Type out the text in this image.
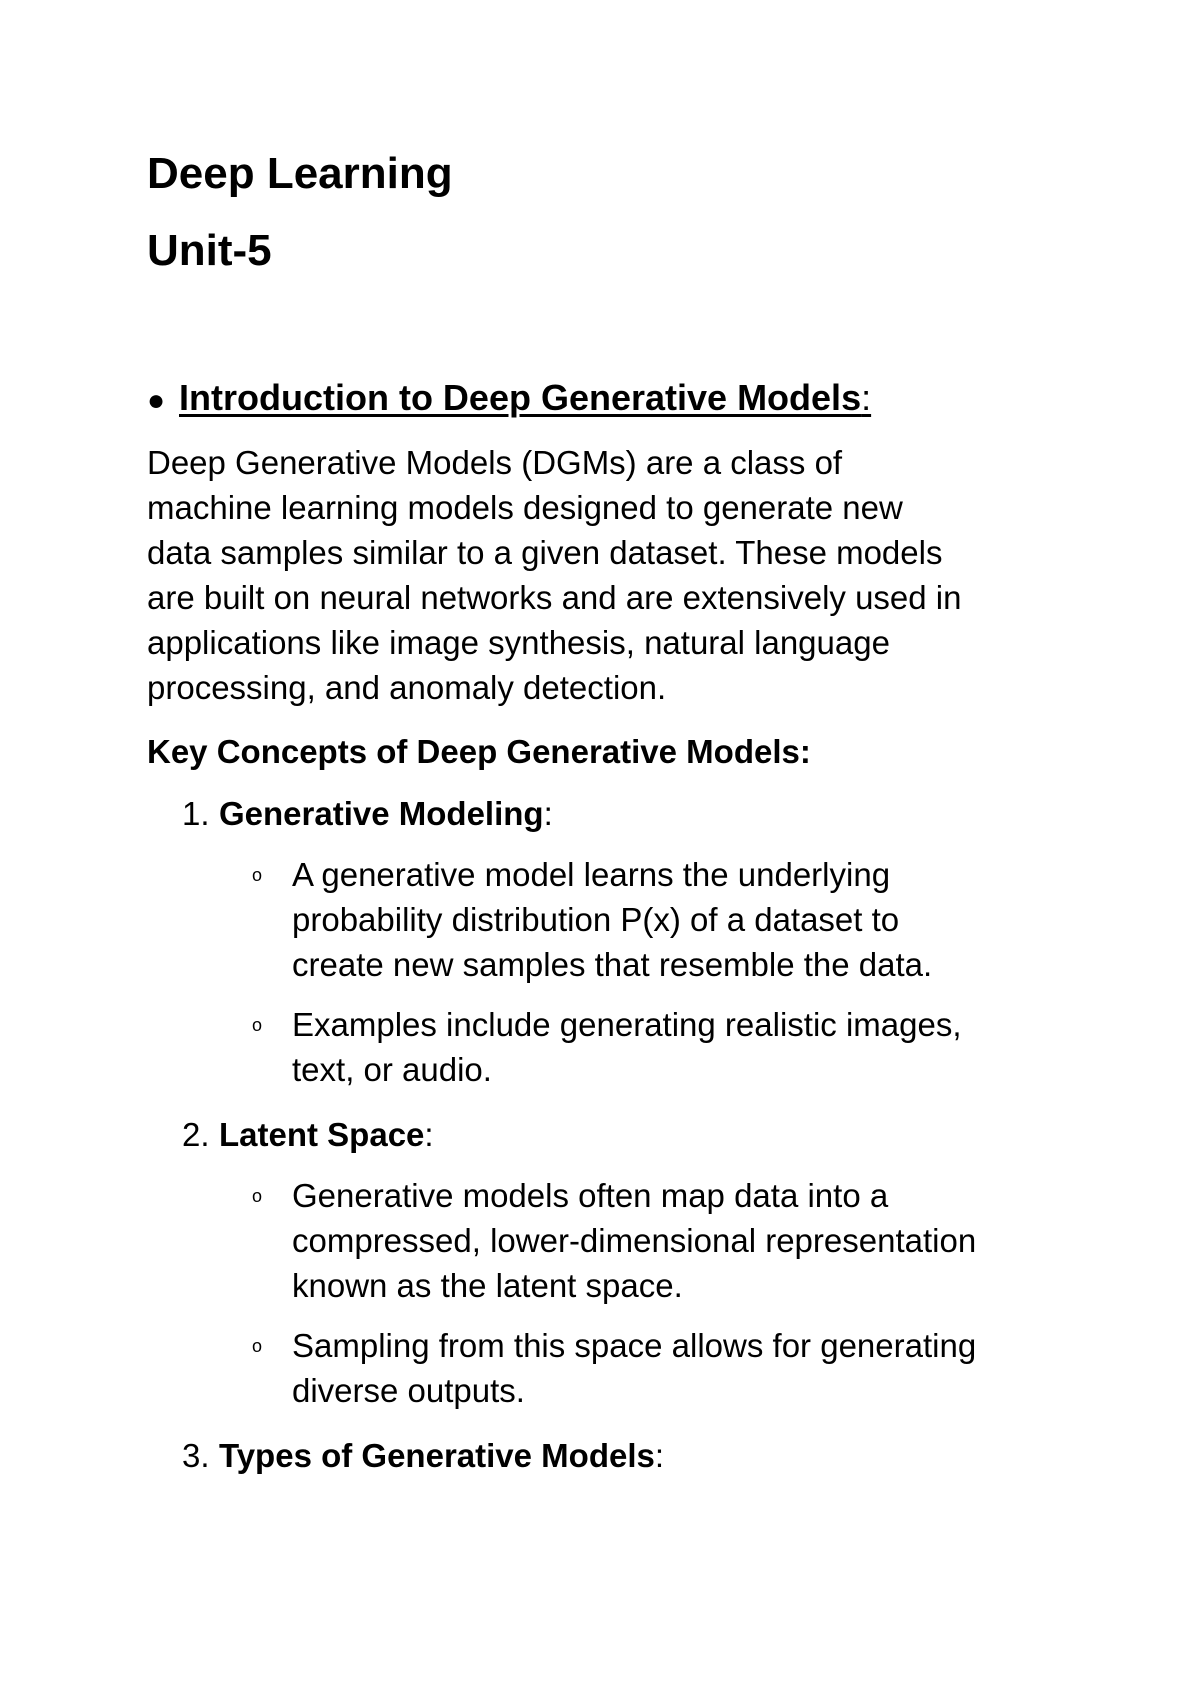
Deep Learning
Unit-5
● Introduction to Deep Generative Models:

Deep Generative Models (DGMs) are a class of
machine learning models designed to generate new
data samples similar to a given dataset. These models
are built on neural networks and are extensively used in
applications like image synthesis, natural language
processing, and anomaly detection.

Key Concepts of Deep Generative Models:
1. Generative Modeling:
o A generative model learns the underlying
probability distribution P(x) of a dataset to
create new samples that resemble the data.
o Examples include generating realistic images,
text, or audio.
2. Latent Space:
o Generative models often map data into a
compressed, lower-dimensional representation
known as the latent space.
o Sampling from this space allows for generating
diverse outputs.
3. Types of Generative Models:
